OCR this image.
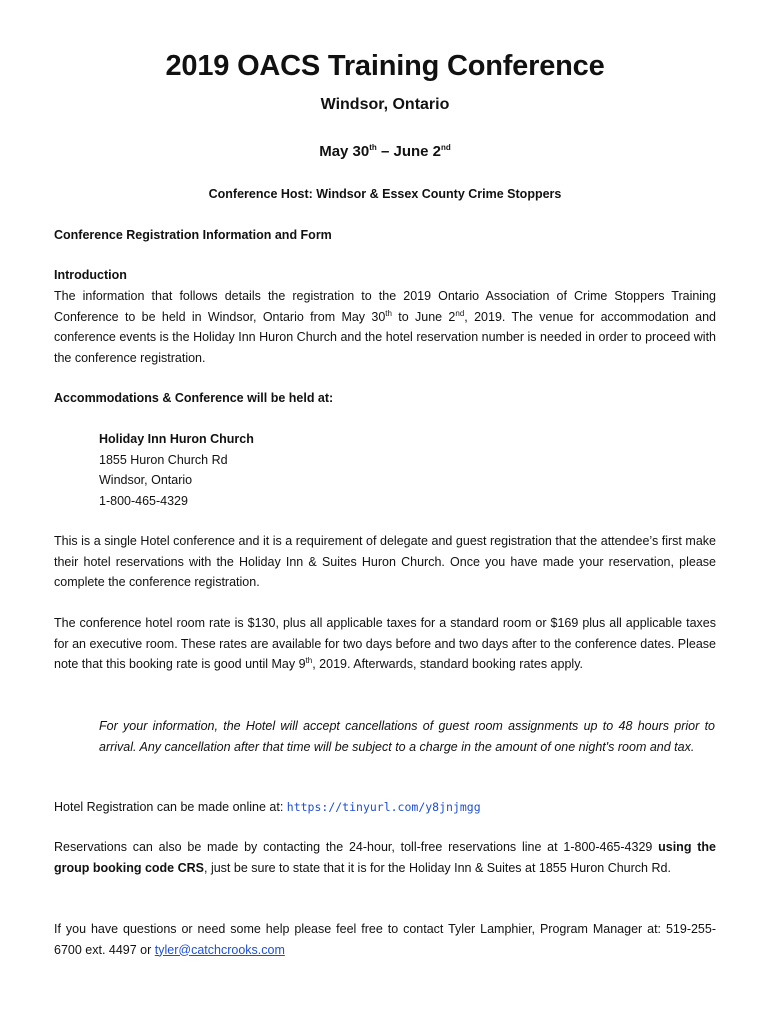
2019 OACS Training Conference
Windsor, Ontario
May 30th – June 2nd
Conference Host: Windsor & Essex County Crime Stoppers
Conference Registration Information and Form
Introduction
The information that follows details the registration to the 2019 Ontario Association of Crime Stoppers Training Conference to be held in Windsor, Ontario from May 30th to June 2nd, 2019. The venue for accommodation and conference events is the Holiday Inn Huron Church and the hotel reservation number is needed in order to proceed with the conference registration.
Accommodations & Conference will be held at:
Holiday Inn Huron Church
1855 Huron Church Rd
Windsor, Ontario
1-800-465-4329
This is a single Hotel conference and it is a requirement of delegate and guest registration that the attendee’s first make their hotel reservations with the Holiday Inn & Suites Huron Church. Once you have made your reservation, please complete the conference registration.
The conference hotel room rate is $130, plus all applicable taxes for a standard room or $169 plus all applicable taxes for an executive room. These rates are available for two days before and two days after to the conference dates. Please note that this booking rate is good until May 9th, 2019. Afterwards, standard booking rates apply.
For your information, the Hotel will accept cancellations of guest room assignments up to 48 hours prior to arrival. Any cancellation after that time will be subject to a charge in the amount of one night's room and tax.
Hotel Registration can be made online at: https://tinyurl.com/y8jnjmgg
Reservations can also be made by contacting the 24-hour, toll-free reservations line at 1-800-465-4329 using the group booking code CRS, just be sure to state that it is for the Holiday Inn & Suites at 1855 Huron Church Rd.
If you have questions or need some help please feel free to contact Tyler Lamphier, Program Manager at: 519-255-6700 ext. 4497 or tyler@catchcrooks.com
